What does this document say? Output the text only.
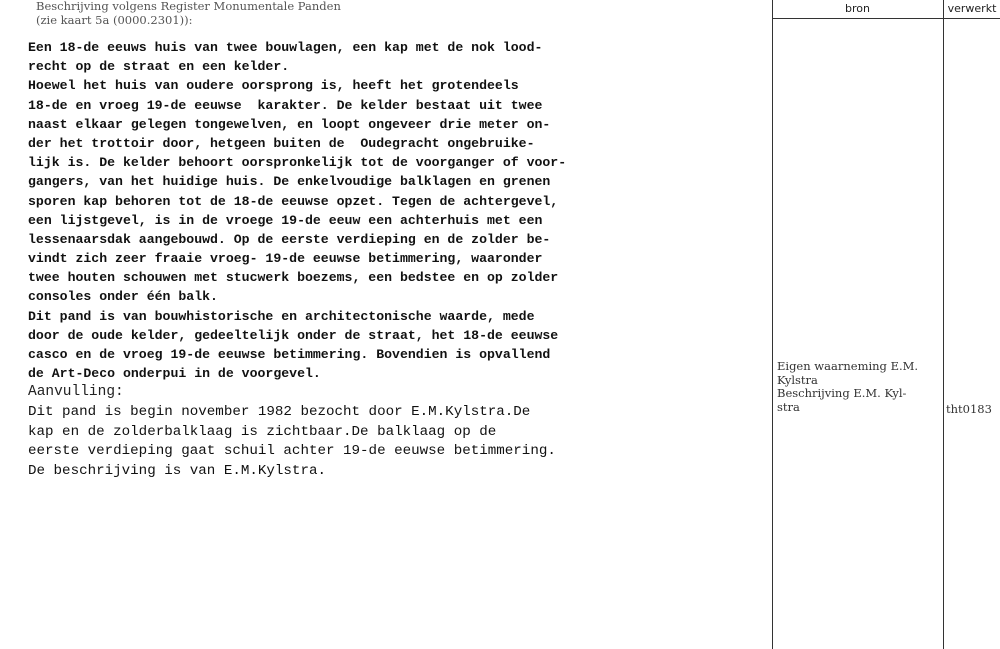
bron	verwerkt
Beschrijving volgens Register Monumentale Panden
(zie kaart 5a (0000.2301)):
Een 18-de eeuws huis van twee bouwlagen, een kap met de nok lood-
recht op de straat en een kelder.
Hoewel het huis van oudere oorsprong is, heeft het grotendeels
18-de en vroeg 19-de eeuwse  karakter. De kelder bestaat uit twee
naast elkaar gelegen tongewelven, en loopt ongeveer drie meter on-
der het trottoir door, hetgeen buiten de  Oudegracht ongebruike-
lijk is. De kelder behoort oorspronkelijk tot de voorganger of voor-
gangers, van het huidige huis. De enkelvoudige balklagen en grenen
sporen kap behoren tot de 18-de eeuwse opzet. Tegen de achtergevel,
een lijstgevel, is in de vroege 19-de eeuw een achterhuis met een
lessenaarsdak aangebouwd. Op de eerste verdieping en de zolder be-
vindt zich zeer fraaie vroeg- 19-de eeuwse betimmering, waaronder
twee houten schouwen met stucwerk boezems, een bedstee en op zolder
consoles onder één balk.
Dit pand is van bouwhistorische en architectonische waarde, mede
door de oude kelder, gedeeltelijk onder de straat, het 18-de eeuwse
casco en de vroeg 19-de eeuwse betimmering. Bovendien is opvallend
de Art-Deco onderpui in de voorgevel.
Aanvulling:
Dit pand is begin november 1982 bezocht door E.M.Kylstra.De
kap en de zolderbalklaag is zichtbaar.De balklaag op de
eerste verdieping gaat schuil achter 19-de eeuwse betimmering.
De beschrijving is van E.M.Kylstra.
Eigen waarneming E.M.
Kylstra
Beschrijving E.M. Kyl-
stra	tht0183
